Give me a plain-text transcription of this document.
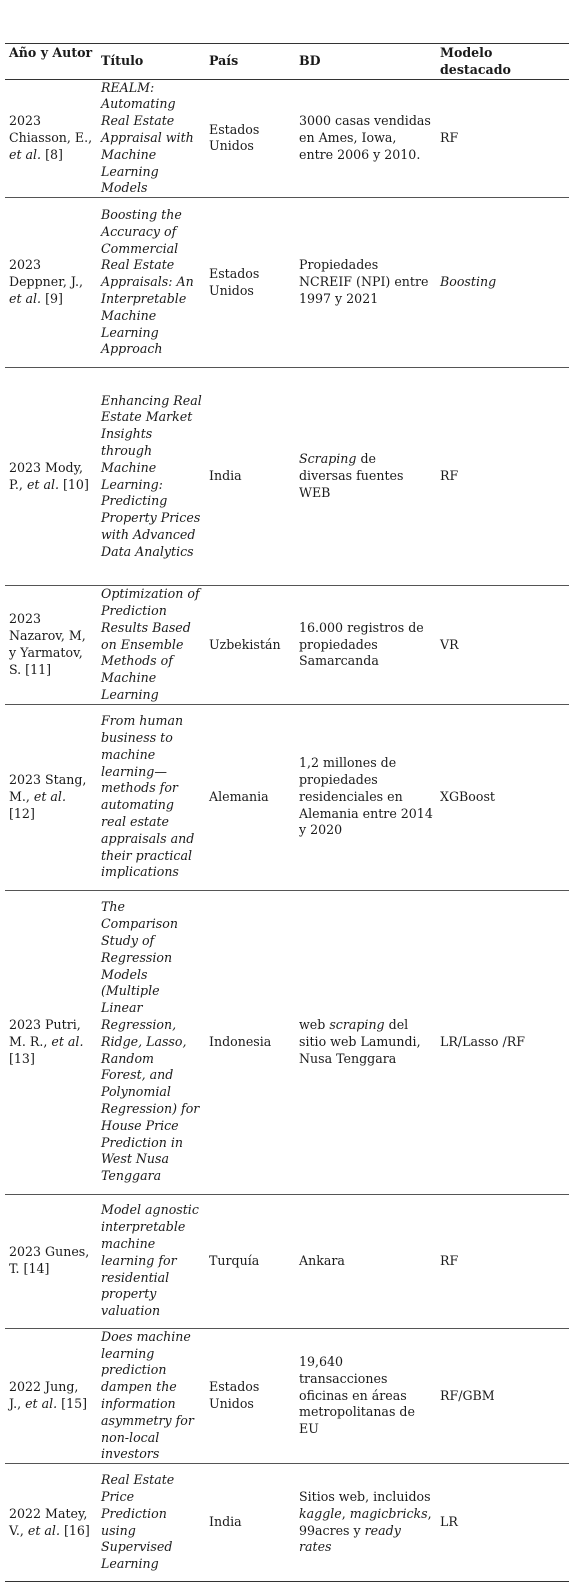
Año y Autor	Título	País	BD	Modelo destacado
2023 Chiasson, E., et al. [8]	REALM: Automating Real Estate Appraisal with Machine Learning Models	Estados Unidos	3000 casas vendidas en Ames, Iowa, entre 2006 y 2010.	RF
2023 Deppner, J., et al. [9]	Boosting the Accuracy of Commercial Real Estate Appraisals: An Interpretable Machine Learning Approach	Estados Unidos	Propiedades NCREIF (NPI) entre 1997 y 2021	Boosting
2023 Mody, P., et al. [10]	Enhancing Real Estate Market Insights through Machine Learning: Predicting Property Prices with Advanced Data Analytics	India	Scraping de diversas fuentes WEB	RF
2023 Nazarov, M, y Yarmatov, S. [11]	Optimization of Prediction Results Based on Ensemble Methods of Machine Learning	Uzbekistán	16.000 registros de propiedades Samarcanda	VR
2023 Stang, M., et al. [12]	From human business to machine learning—methods for automating real estate appraisals and their practical implications	Alemania	1,2 millones de propiedades residenciales en Alemania entre 2014 y 2020	XGBoost
2023 Putri, M. R., et al. [13]	The Comparison Study of Regression Models (Multiple Linear Regression, Ridge, Lasso, Random Forest, and Polynomial Regression) for House Price Prediction in West Nusa Tenggara	Indonesia	web scraping del sitio web Lamundi, Nusa Tenggara	LR/Lasso /RF
2023 Gunes, T. [14]	Model agnostic interpretable machine learning for residential property valuation	Turquía	Ankara	RF
2022 Jung, J., et al. [15]	Does machine learning prediction dampen the information asymmetry for non-local investors	Estados Unidos	19,640 transacciones oficinas en áreas metropolitanas de EU	RF/GBM
2022 Matey, V., et al. [16]	Real Estate Price Prediction using Supervised Learning	India	Sitios web, incluidos kaggle, magicbricks, 99acres y ready rates	LR
